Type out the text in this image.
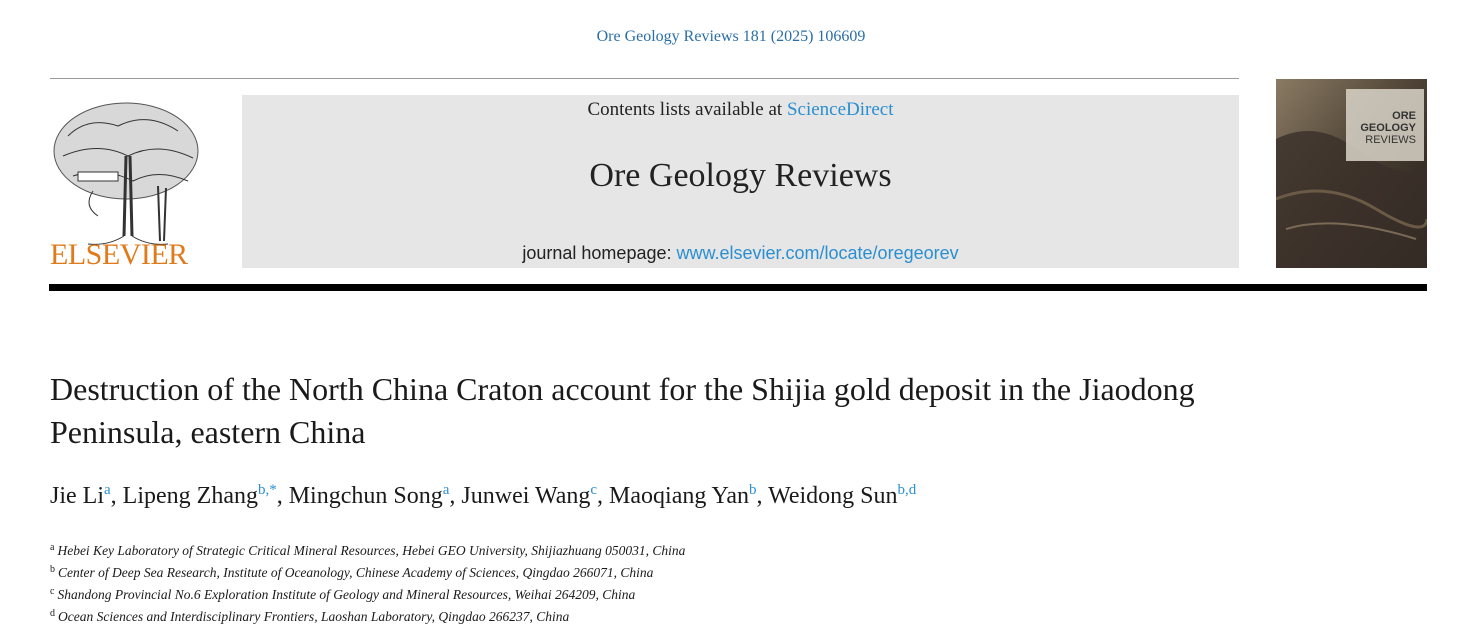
Ore Geology Reviews 181 (2025) 106609
ELSEVIER
Contents lists available at ScienceDirect
Ore Geology Reviews
journal homepage: www.elsevier.com/locate/oregeorev
ORE
GEOLOGY
REVIEWS
Destruction of the North China Craton account for the Shijia gold deposit in the Jiaodong Peninsula, eastern China
Jie Li$^a$, Lipeng Zhang$^{b,*}$, Mingchun Song$^a$, Junwei Wang$^c$, Maoqiang Yan$^b$, Weidong Sun$^{b,d}$
$^a$ Hebei Key Laboratory of Strategic Critical Mineral Resources, Hebei GEO University, Shijiazhuang 050031, China
$^b$ Center of Deep Sea Research, Institute of Oceanology, Chinese Academy of Sciences, Qingdao 266071, China
$^c$ Shandong Provincial No.6 Exploration Institute of Geology and Mineral Resources, Weihai 264209, China
$^d$ Ocean Sciences and Interdisciplinary Frontiers, Laoshan Laboratory, Qingdao 266237, China
